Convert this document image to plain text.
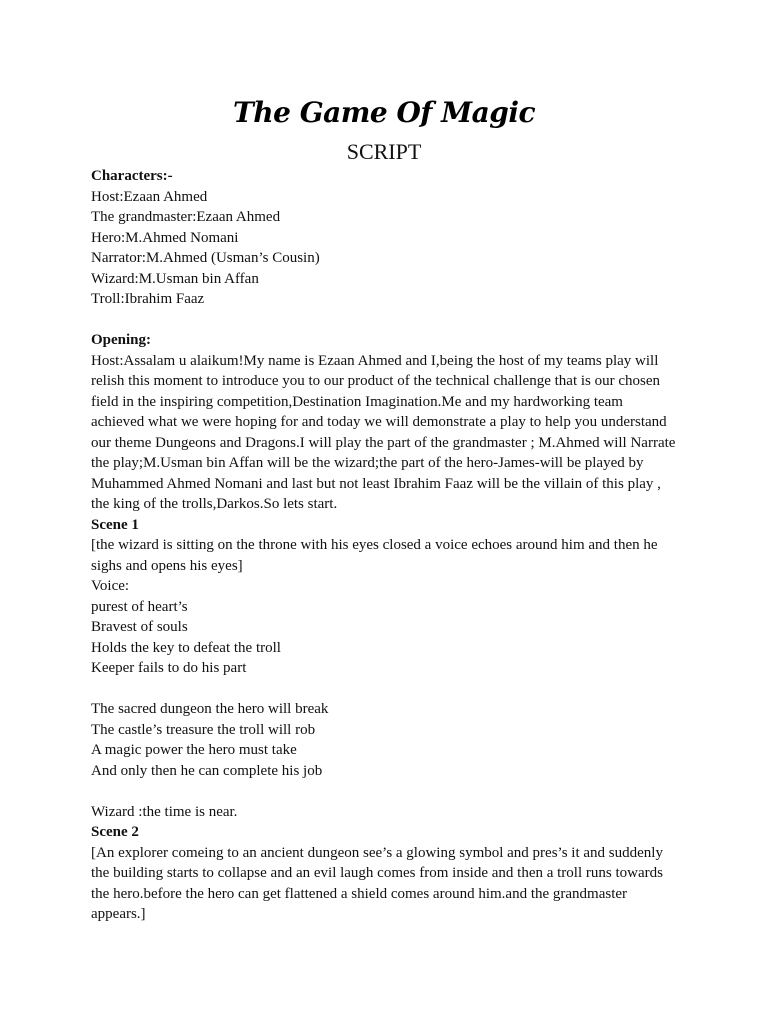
The Game Of Magic
SCRIPT
Characters:-
Host:Ezaan Ahmed
The grandmaster:Ezaan Ahmed
Hero:M.Ahmed Nomani
Narrator:M.Ahmed (Usman’s Cousin)
Wizard:M.Usman bin Affan
Troll:Ibrahim Faaz
Opening:
Host:Assalam u alaikum!My name is Ezaan Ahmed and I,being the host of my teams play will
relish this moment to introduce you to our product of the technical challenge that is our chosen
field in the inspiring competition,Destination Imagination.Me and my hardworking team
achieved what we were hoping for and today we will demonstrate a play to help you understand
our theme Dungeons and Dragons.I will play the part of the grandmaster ; M.Ahmed will Narrate
the play;M.Usman bin Affan will be the wizard;the part of the hero-James-will be played by
Muhammed Ahmed Nomani and last but not least Ibrahim Faaz will be the villain of this play ,
the king of the trolls,Darkos.So lets start.
Scene 1
[the wizard is sitting on the throne with his eyes closed a voice echoes around him and then he
sighs and opens his eyes]
Voice:
purest of heart’s
Bravest of souls
Holds the key to defeat the troll
Keeper fails to do his part
The sacred dungeon the hero will break
The castle’s treasure the troll will rob
A magic power the hero must take
And only then he can complete his job
Wizard :the time is near.
Scene 2
[An explorer comeing to an ancient dungeon see’s a glowing symbol and pres’s it and suddenly
the building starts to collapse and an evil laugh comes from inside and then a troll runs towards
the hero.before the hero can get flattened a shield comes around him.and the grandmaster
appears.]
